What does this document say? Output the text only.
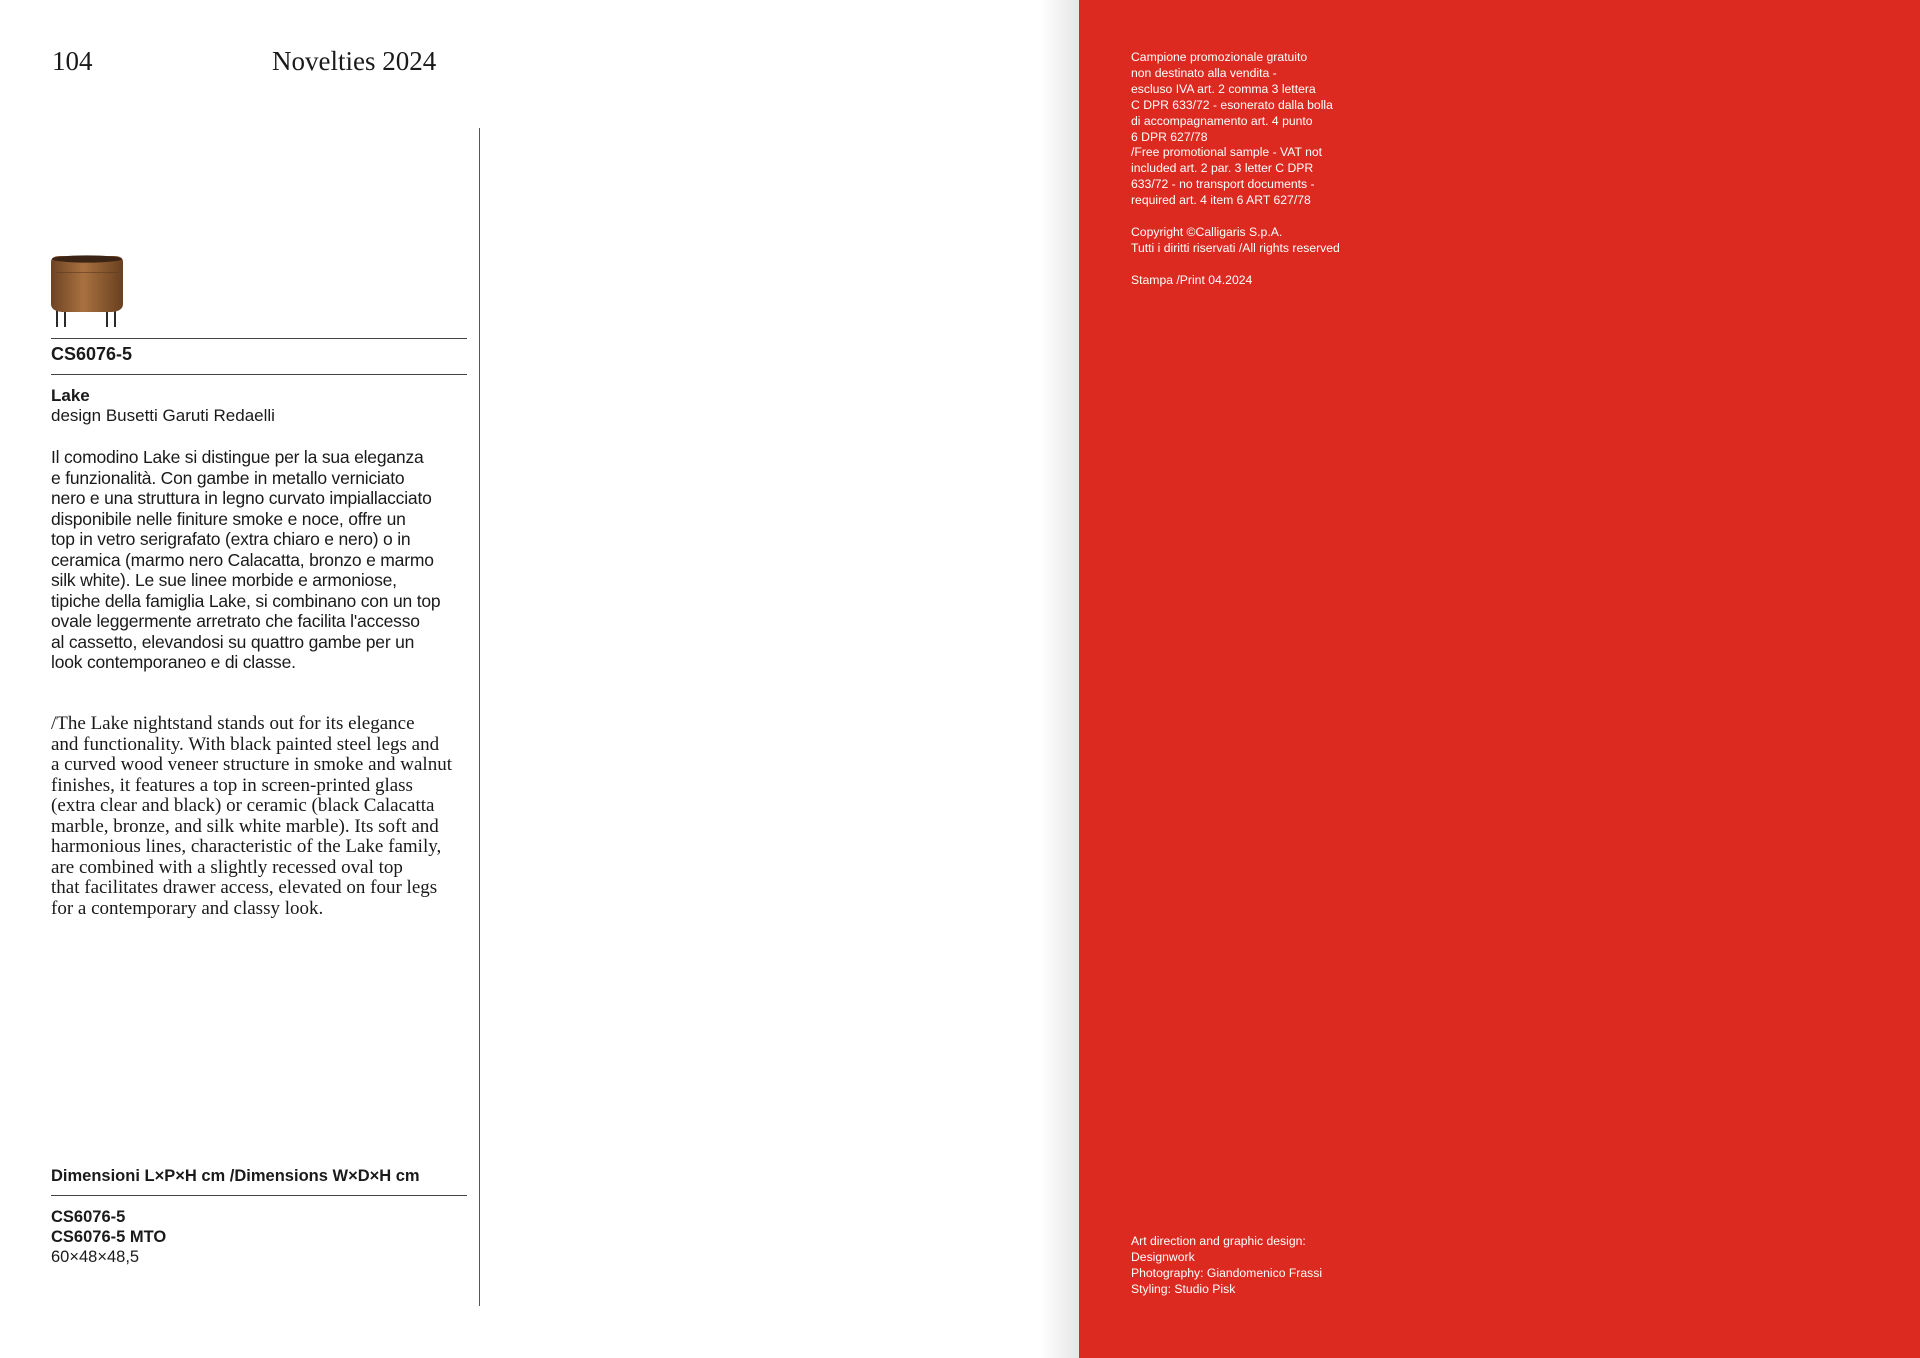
104	Novelties 2024
CS6076-5
Lake
design Busetti Garuti Redaelli
Il comodino Lake si distingue per la sua eleganza
e funzionalità. Con gambe in metallo verniciato
nero e una struttura in legno curvato impiallacciato
disponibile nelle finiture smoke e noce, offre un
top in vetro serigrafato (extra chiaro e nero) o in
ceramica (marmo nero Calacatta, bronzo e marmo
silk white). Le sue linee morbide e armoniose,
tipiche della famiglia Lake, si combinano con un top
ovale leggermente arretrato che facilita l'accesso
al cassetto, elevandosi su quattro gambe per un
look contemporaneo e di classe.
/The Lake nightstand stands out for its elegance
and functionality. With black painted steel legs and
a curved wood veneer structure in smoke and walnut
finishes, it features a top in screen-printed glass
(extra clear and black) or ceramic (black Calacatta
marble, bronze, and silk white marble). Its soft and
harmonious lines, characteristic of the Lake family,
are combined with a slightly recessed oval top
that facilitates drawer access, elevated on four legs
for a contemporary and classy look.
Dimensioni L×P×H cm /Dimensions W×D×H cm
CS6076-5
CS6076-5 MTO
60×48×48,5
Campione promozionale gratuito
non destinato alla vendita -
escluso IVA art. 2 comma 3 lettera
C DPR 633/72 - esonerato dalla bolla
di accompagnamento art. 4 punto
6 DPR 627/78
/Free promotional sample - VAT not
included art. 2 par. 3 letter C DPR
633/72 - no transport documents -
required art. 4 item 6 ART 627/78
Copyright ©Calligaris S.p.A.
Tutti i diritti riservati /All rights reserved
Stampa /Print 04.2024
Art direction and graphic design:
Designwork
Photography: Giandomenico Frassi
Styling: Studio Pisk
